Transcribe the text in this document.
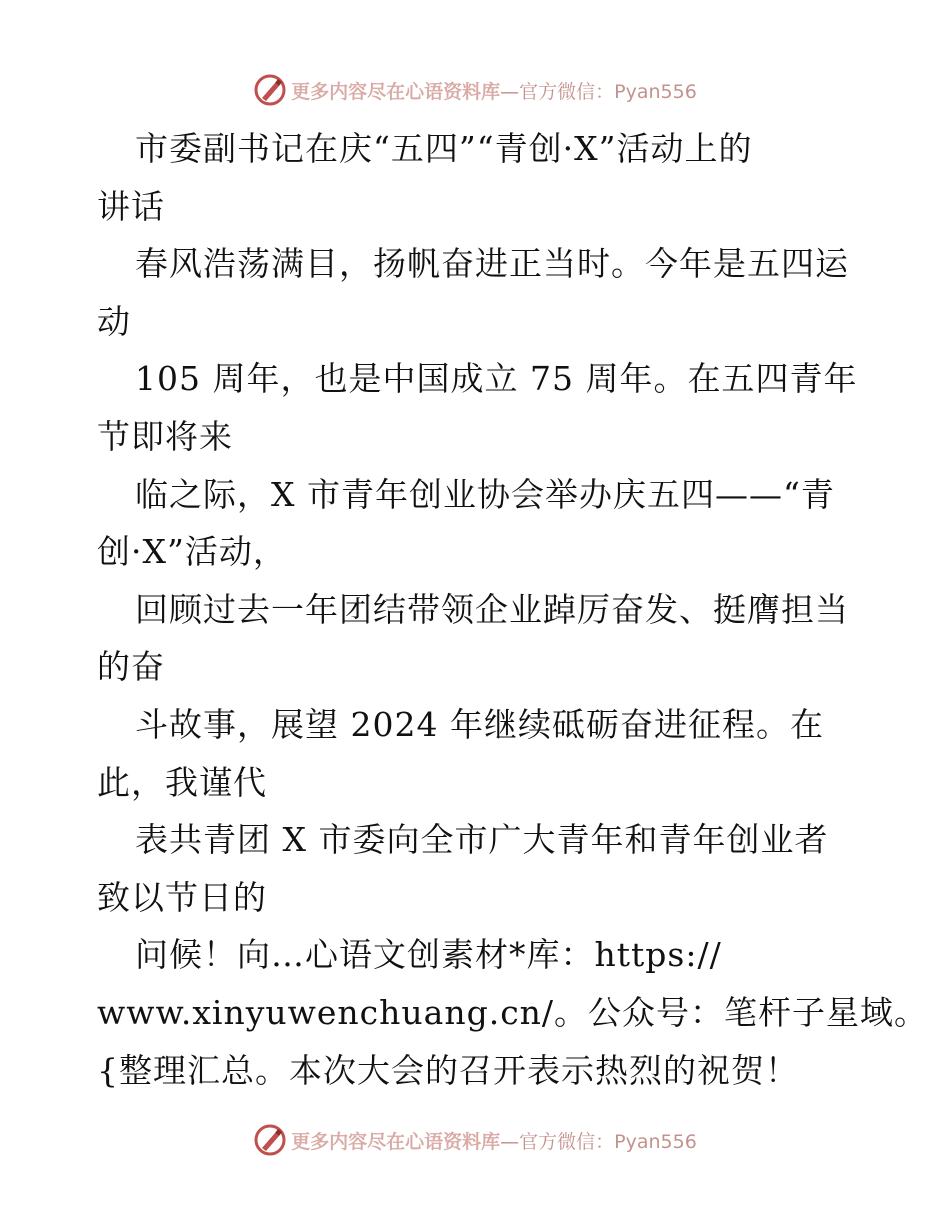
更多内容尽在心语资料库—官方微信：Pyan556
市委副书记在庆“五四”“青创·X”活动上的
讲话
春风浩荡满目，扬帆奋进正当时。今年是五四运
动
105 周年，也是中国成立 75 周年。在五四青年
节即将来
临之际，X 市青年创业协会举办庆五四——“青
创·X”活动，
回顾过去一年团结带领企业踔厉奋发、挺膺担当
的奋
斗故事，展望 2024 年继续砥砺奋进征程。在
此，我谨代
表共青团 X 市委向全市广大青年和青年创业者
致以节日的
问候！向…心语文创素材*库：https://
www.xinyuwenchuang.cn/。公众号：笔杆子星域。
{整理汇总。本次大会的召开表示热烈的祝贺！
更多内容尽在心语资料库—官方微信：Pyan556
